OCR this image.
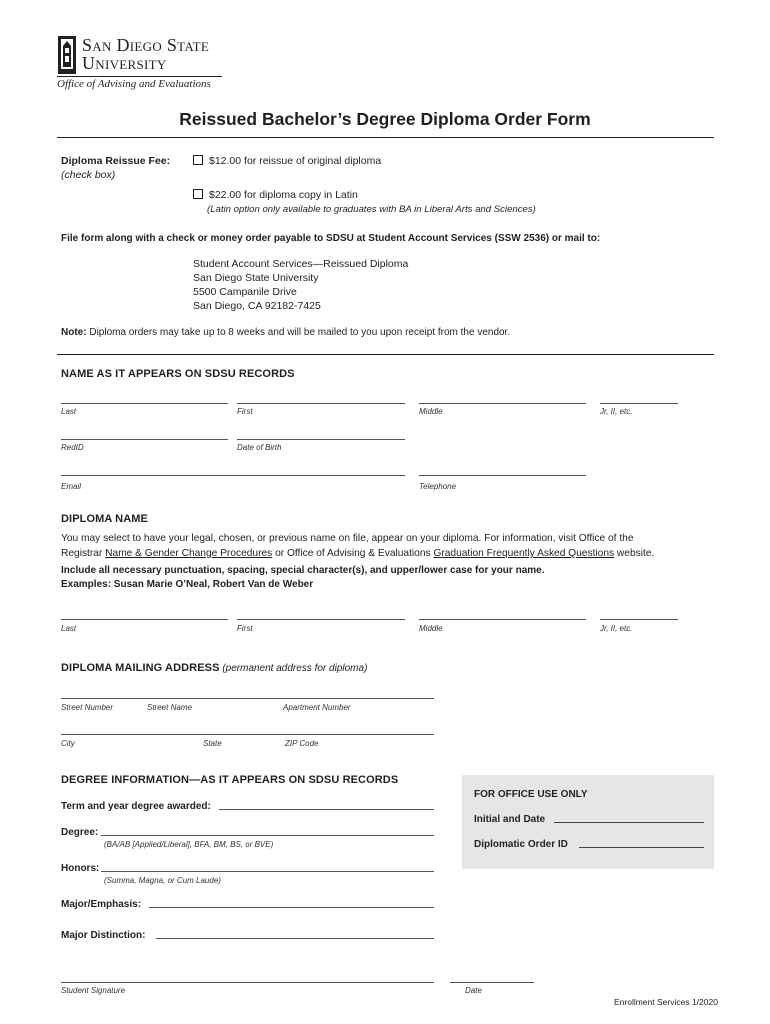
San Diego State
University
Office of Advising and Evaluations
Reissued Bachelor’s Degree Diploma Order Form
Diploma Reissue Fee:
(check box)
$12.00 for reissue of original diploma
$22.00 for diploma copy in Latin
(Latin option only available to graduates with BA in Liberal Arts and Sciences)
File form along with a check or money order payable to SDSU at Student Account Services (SSW 2536) or mail to:
Student Account Services—Reissued Diploma
San Diego State University
5500 Campanile Drive
San Diego, CA 92182-7425
Note: Diploma orders may take up to 8 weeks and will be mailed to you upon receipt from the vendor.
NAME AS IT APPEARS ON SDSU RECORDS
Last	First	Middle	Jr, II, etc.
RedID	Date of Birth
Email	Telephone
DIPLOMA NAME
You may select to have your legal, chosen, or previous name on file, appear on your diploma. For information, visit Office of the
Registrar Name & Gender Change Procedures or Office of Advising & Evaluations Graduation Frequently Asked Questions website.
Include all necessary punctuation, spacing, special character(s), and upper/lower case for your name.
Examples: Susan Marie O’Neal, Robert Van de Weber
Last	First	Middle	Jr, II, etc.
DIPLOMA MAILING ADDRESS (permanent address for diploma)
Street Number	Street Name	Apartment Number
City	State	ZIP Code
DEGREE INFORMATION—AS IT APPEARS ON SDSU RECORDS
Term and year degree awarded:
Degree:
(BA/AB [Applied/Liberal], BFA, BM, BS, or BVE)
Honors:
(Summa, Magna, or Cum Laude)
Major/Emphasis:
Major Distinction:
FOR OFFICE USE ONLY
Initial and Date
Diplomatic Order ID
Student Signature	Date
Enrollment Services 1/2020
